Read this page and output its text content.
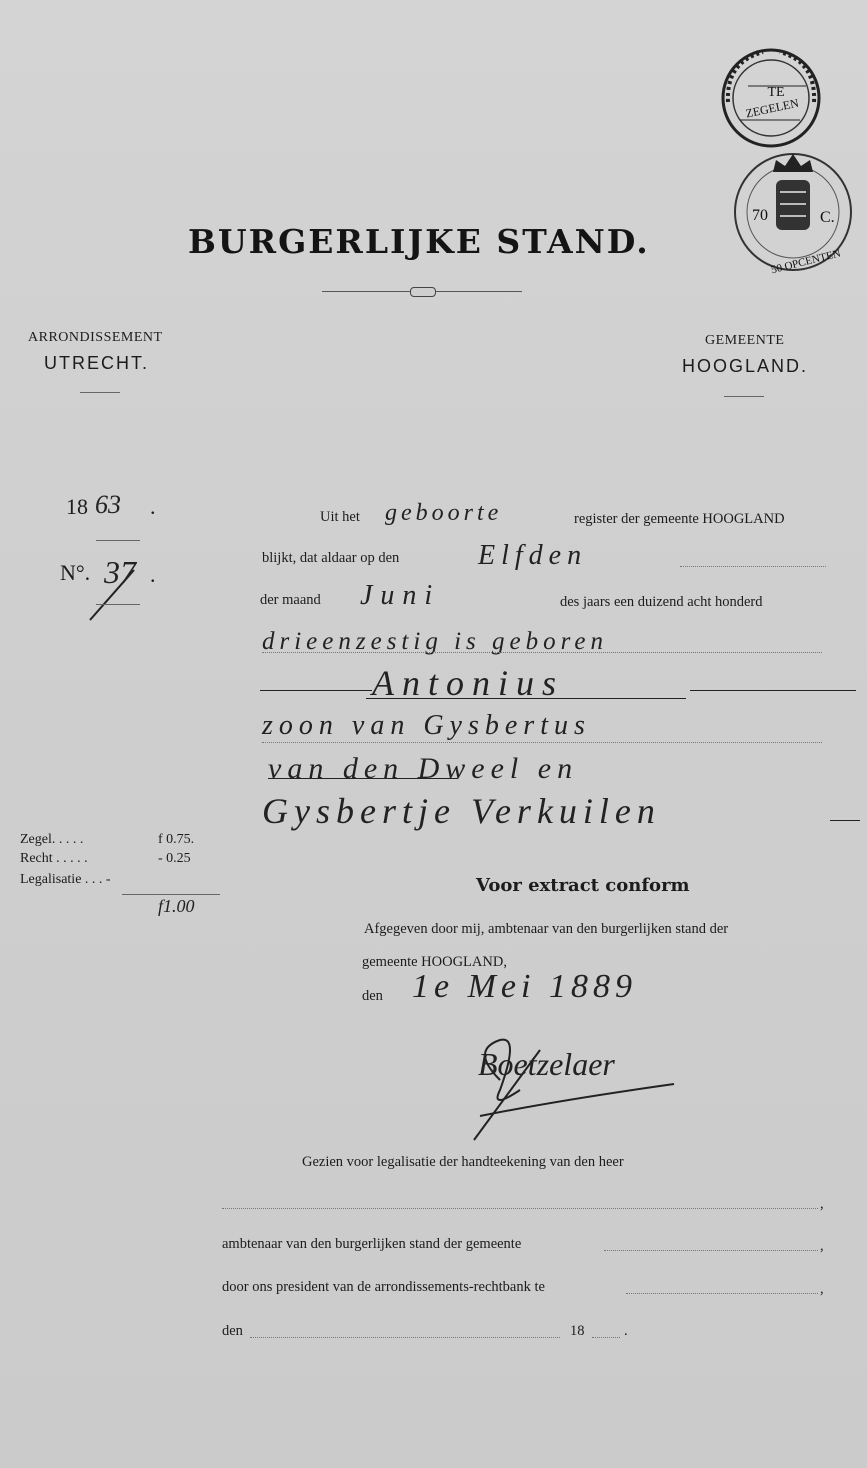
TE
ZEGELEN
70	C.
50 OPCENTEN
BURGERLIJKE STAND.
ARRONDISSEMENT
UTRECHT.
GEMEENTE
HOOGLAND.
18 63 .
N°. 37 .
Uit het geboorte	register der gemeente HOOGLAND
blijkt, dat aldaar op den	Elfden
der maand Juni	des jaars een duizend acht honderd
drieenzestig is geboren
Antonius
zoon van Gysbertus
van den Dweel en
Gysbertje Verkuilen
Zegel. . . . .	f 0.75.
Recht . . . . .	- 0.25
Legalisatie . . . -
f1.00
Voor extract conform
Afgegeven door mij, ambtenaar van den burgerlijken stand der
gemeente HOOGLAND,
den 1e Mei 1889
Boetzelaer
Gezien voor legalisatie der handteekening van den heer
,
ambtenaar van den burgerlijken stand der gemeente	,
door ons president van de arrondissements-rechtbank te	,
den	18	.
